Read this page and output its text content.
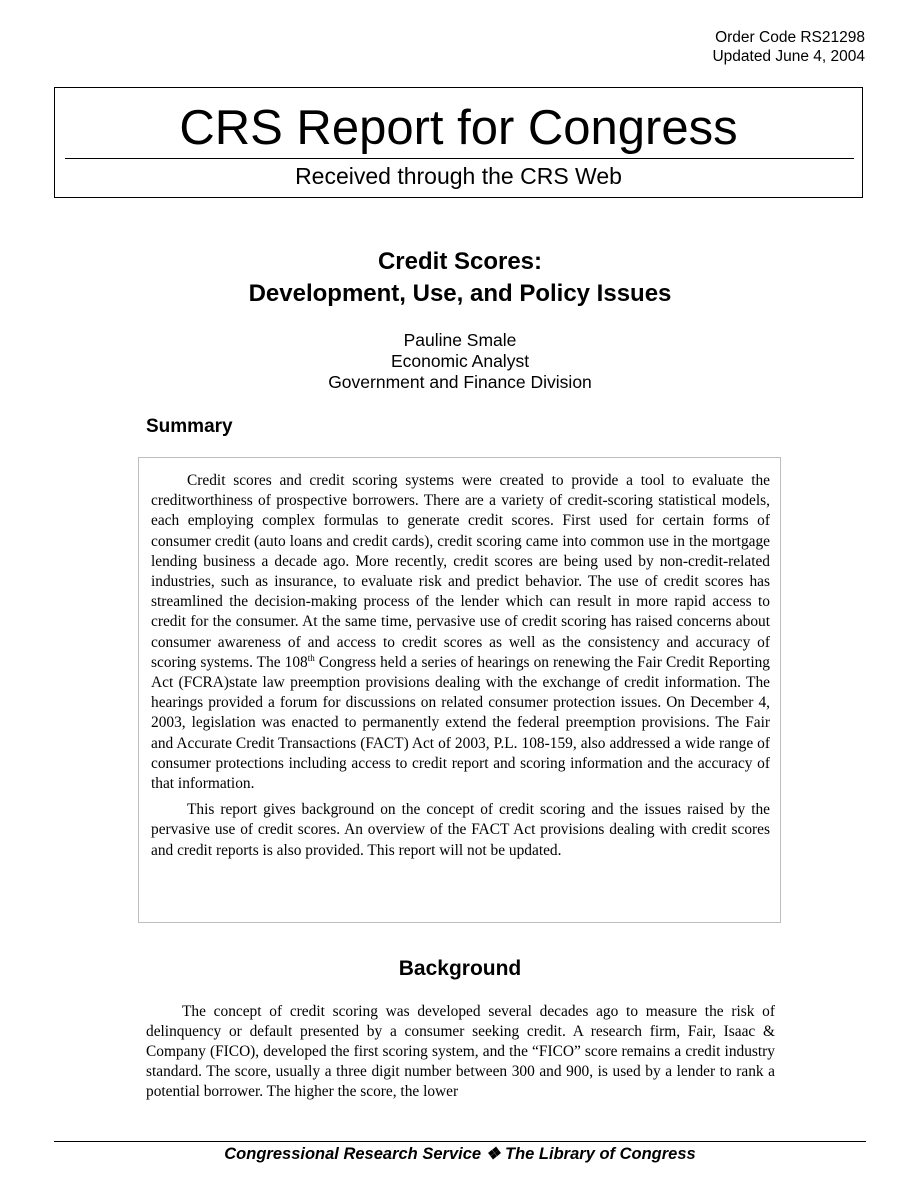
Order Code RS21298
Updated June 4, 2004
CRS Report for Congress
Received through the CRS Web
Credit Scores:
Development, Use, and Policy Issues
Pauline Smale
Economic Analyst
Government and Finance Division
Summary

Credit scores and credit scoring systems were created to provide a tool to evaluate the creditworthiness of prospective borrowers. There are a variety of credit-scoring statistical models, each employing complex formulas to generate credit scores. First used for certain forms of consumer credit (auto loans and credit cards), credit scoring came into common use in the mortgage lending business a decade ago. More recently, credit scores are being used by non-credit-related industries, such as insurance, to evaluate risk and predict behavior. The use of credit scores has streamlined the decision-making process of the lender which can result in more rapid access to credit for the consumer. At the same time, pervasive use of credit scoring has raised concerns about consumer awareness of and access to credit scores as well as the consistency and accuracy of scoring systems. The 108th Congress held a series of hearings on renewing the Fair Credit Reporting Act (FCRA)state law preemption provisions dealing with the exchange of credit information. The hearings provided a forum for discussions on related consumer protection issues. On December 4, 2003, legislation was enacted to permanently extend the federal preemption provisions. The Fair and Accurate Credit Transactions (FACT) Act of 2003, P.L. 108-159, also addressed a wide range of consumer protections including access to credit report and scoring information and the accuracy of that information.

This report gives background on the concept of credit scoring and the issues raised by the pervasive use of credit scores. An overview of the FACT Act provisions dealing with credit scores and credit reports is also provided. This report will not be updated.

Background

The concept of credit scoring was developed several decades ago to measure the risk of delinquency or default presented by a consumer seeking credit. A research firm, Fair, Isaac & Company (FICO), developed the first scoring system, and the “FICO” score remains a credit industry standard. The score, usually a three digit number between 300 and 900, is used by a lender to rank a potential borrower. The higher the score, the lower

Congressional Research Service ❖ The Library of Congress
